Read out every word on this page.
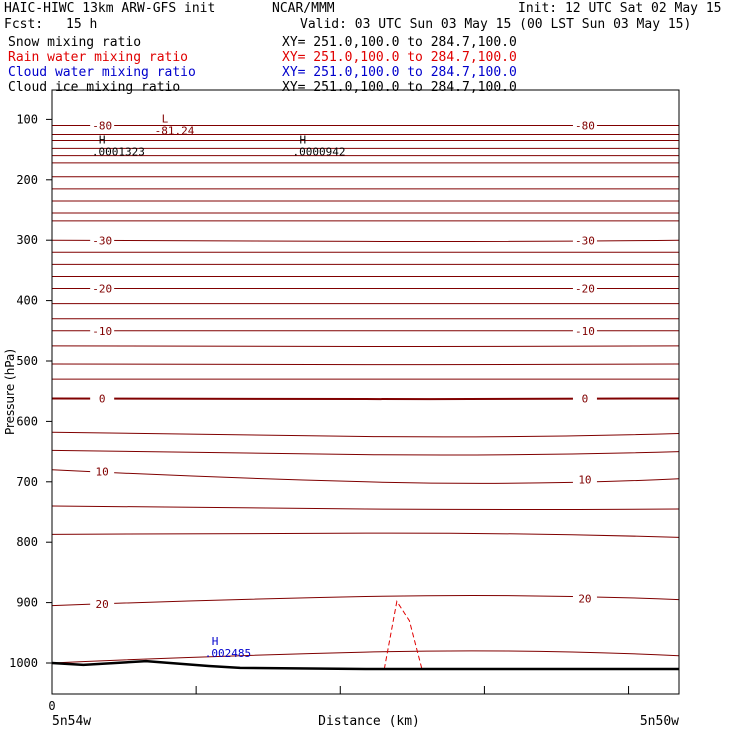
HAIC-HIWC 13km ARW-GFS init	NCAR/MMM	Init: 12 UTC Sat 02 May 15
Fcst: 15 h	Valid: 03 UTC Sun 03 May 15 (00 LST Sun 03 May 15)
Snow mixing ratio	XY= 251.0,100.0 to 284.7,100.0
Rain water mixing ratio	XY= 251.0,100.0 to 284.7,100.0
Cloud water mixing ratio	XY= 251.0,100.0 to 284.7,100.0
Cloud ice mixing ratio	XY= 251.0,100.0 to 284.7,100.0
-80	-80
-30	-30
-20	-20
-10	-10
0	0
10
10
20	20
L
-81.24
H
.0001323
H
.0000942
H
.002485
100
200
300
400
500
600
700
800
900
1000
Pressure (hPa)
Distance (km)
0
5n54w	5n50w
